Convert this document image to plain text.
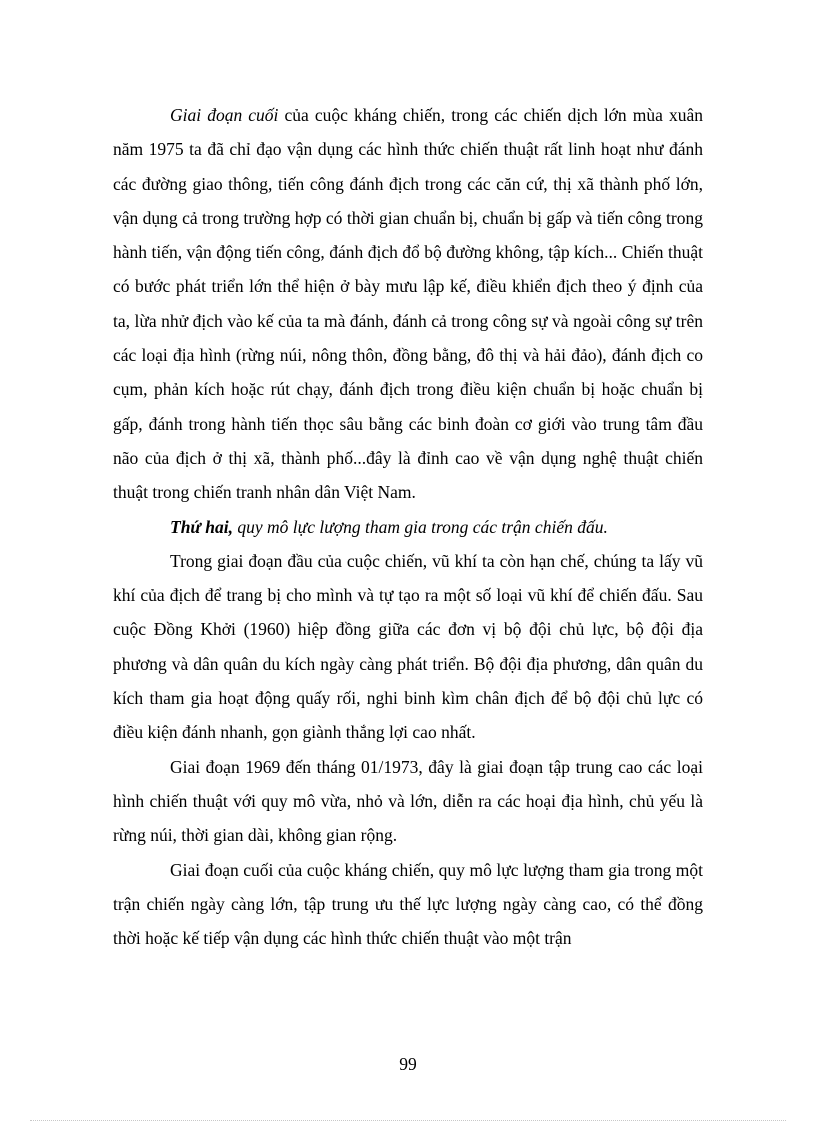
Giai đoạn cuối của cuộc kháng chiến, trong các chiến dịch lớn mùa xuân năm 1975 ta đã chỉ đạo vận dụng các hình thức chiến thuật rất linh hoạt như đánh các đường giao thông, tiến công đánh địch trong các căn cứ, thị xã thành phố lớn, vận dụng cả trong trường hợp có thời gian chuẩn bị, chuẩn bị gấp và tiến công trong hành tiến, vận động tiến công, đánh địch đổ bộ đường không, tập kích... Chiến thuật có bước phát triển lớn thể hiện ở bày mưu lập kế, điều khiển địch theo ý định của ta, lừa nhử địch vào kế của ta mà đánh, đánh cả trong công sự và ngoài công sự trên các loại địa hình (rừng núi, nông thôn, đồng bằng, đô thị và hải đảo), đánh địch co cụm, phản kích hoặc rút chạy, đánh địch trong điều kiện chuẩn bị hoặc chuẩn bị gấp, đánh trong hành tiến thọc sâu bằng các binh đoàn cơ giới vào trung tâm đầu não của địch ở thị xã, thành phố...đây là đỉnh cao về vận dụng nghệ thuật chiến thuật trong chiến tranh nhân dân Việt Nam.

Thứ hai, quy mô lực lượng tham gia trong các trận chiến đấu.

Trong giai đoạn đầu của cuộc chiến, vũ khí ta còn hạn chế, chúng ta lấy vũ khí của địch để trang bị cho mình và tự tạo ra một số loại vũ khí để chiến đấu. Sau cuộc Đồng Khởi (1960) hiệp đồng giữa các đơn vị bộ đội chủ lực, bộ đội địa phương và dân quân du kích ngày càng phát triển. Bộ đội địa phương, dân quân du kích tham gia hoạt động quấy rối, nghi binh kìm chân địch để bộ đội chủ lực có điều kiện đánh nhanh, gọn giành thắng lợi cao nhất.

Giai đoạn 1969 đến tháng 01/1973, đây là giai đoạn tập trung cao các loại hình chiến thuật với quy mô vừa, nhỏ và lớn, diễn ra các hoại địa hình, chủ yếu là rừng núi, thời gian dài, không gian rộng.

Giai đoạn cuối của cuộc kháng chiến, quy mô lực lượng tham gia trong một trận chiến ngày càng lớn, tập trung ưu thế lực lượng ngày càng cao, có thể đồng thời hoặc kế tiếp vận dụng các hình thức chiến thuật vào một trận

99
